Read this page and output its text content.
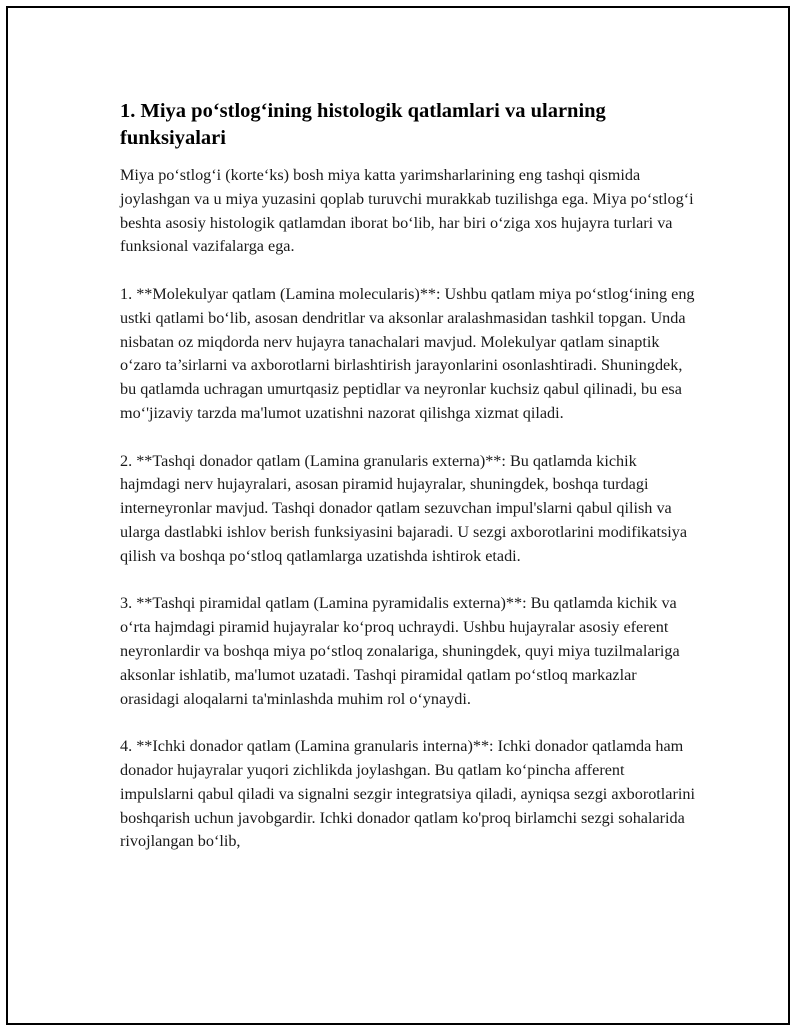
1. Miya po‘stlog‘ining histologik qatlamlari va ularning funksiyalari

Miya po‘stlog‘i (korte‘ks) bosh miya katta yarimsharlarining eng tashqi qismida joylashgan va u miya yuzasini qoplab turuvchi murakkab tuzilishga ega. Miya po‘stlog‘i beshta asosiy histologik qatlamdan iborat bo‘lib, har biri o‘ziga xos hujayra turlari va funksional vazifalarga ega.

1. **Molekulyar qatlam (Lamina molecularis)**: Ushbu qatlam miya po‘stlog‘ining eng ustki qatlami bo‘lib, asosan dendritlar va aksonlar aralashmasidan tashkil topgan. Unda nisbatan oz miqdorda nerv hujayra tanachalari mavjud. Molekulyar qatlam sinaptik o‘zaro ta’sirlarni va axborotlarni birlashtirish jarayonlarini osonlashtiradi. Shuningdek, bu qatlamda uchragan umurtqasiz peptidlar va neyronlar kuchsiz qabul qilinadi, bu esa mo‘'jizaviy tarzda ma'lumot uzatishni nazorat qilishga xizmat qiladi.

2. **Tashqi donador qatlam (Lamina granularis externa)**: Bu qatlamda kichik hajmdagi nerv hujayralari, asosan piramid hujayralar, shuningdek, boshqa turdagi interneyronlar mavjud. Tashqi donador qatlam sezuvchan impul'slarni qabul qilish va ularga dastlabki ishlov berish funksiyasini bajaradi. U sezgi axborotlarini modifikatsiya qilish va boshqa po‘stloq qatlamlarga uzatishda ishtirok etadi.

3. **Tashqi piramidal qatlam (Lamina pyramidalis externa)**: Bu qatlamda kichik va o‘rta hajmdagi piramid hujayralar ko‘proq uchraydi. Ushbu hujayralar asosiy eferent neyronlardir va boshqa miya po‘stloq zonalariga, shuningdek, quyi miya tuzilmalariga aksonlar ishlatib, ma'lumot uzatadi. Tashqi piramidal qatlam po‘stloq markazlar orasidagi aloqalarni ta'minlashda muhim rol o‘ynaydi.

4. **Ichki donador qatlam (Lamina granularis interna)**: Ichki donador qatlamda ham donador hujayralar yuqori zichlikda joylashgan. Bu qatlam ko‘pincha afferent impulslarni qabul qiladi va signalni sezgir integratsiya qiladi, ayniqsa sezgi axborotlarini boshqarish uchun javobgardir. Ichki donador qatlam ko'proq birlamchi sezgi sohalarida rivojlangan bo‘lib,
